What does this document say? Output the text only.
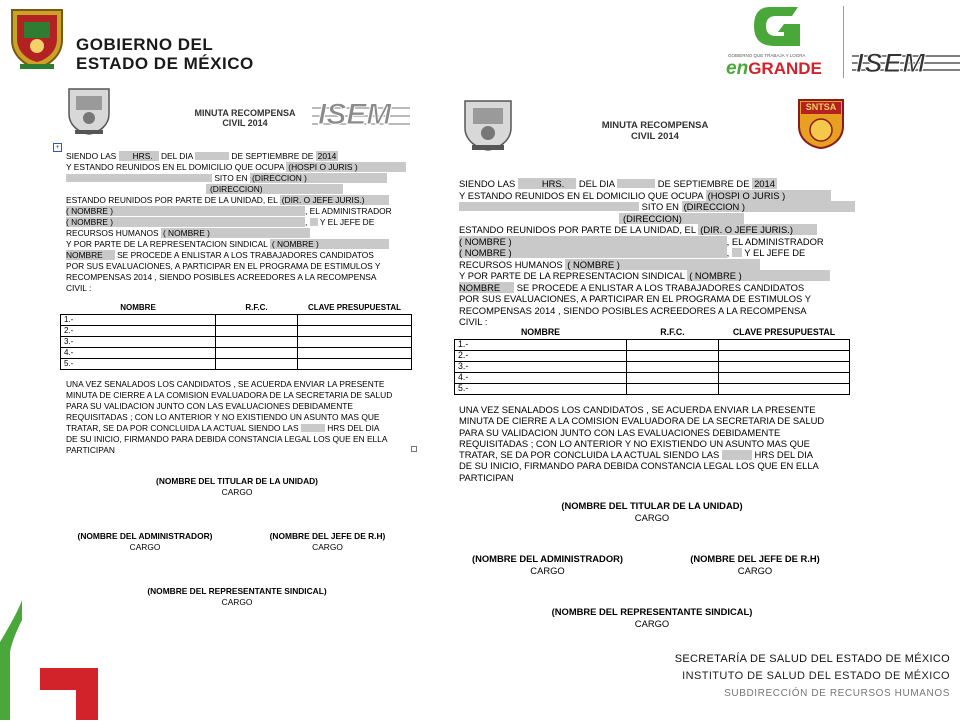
GOBIERNO DEL
ESTADO DE MÉXICO	GOBIERNO QUE TRABAJA Y LOGRA
enGRANDE ISEM
MINUTA RECOMPENSA
CIVIL 2014	ISEM
+
SIENDO LAS HRS. DEL DIA	DE SEPTIEMBRE DE 2014
Y ESTANDO REUNIDOS EN EL DOMICILIO QUE OCUPA (HOSPI O JURIS )
SITO EN (DIRECCION )
(DIRECCION)
ESTANDO REUNIDOS POR PARTE DE LA UNIDAD, EL (DIR. O JEFE JURIS.)
( NOMBRE )	, EL ADMINISTRADOR
( NOMBRE )	, Y EL JEFE DE
RECURSOS HUMANOS ( NOMBRE )
Y POR PARTE DE LA REPRESENTACION SINDICAL ( NOMBRE )
NOMBRE SE PROCEDE A ENLISTAR A LOS TRABAJADORES CANDIDATOS
POR SUS EVALUACIONES, A PARTICIPAR EN EL PROGRAMA DE ESTIMULOS Y
RECOMPENSAS 2014 , SIENDO POSIBLES ACREEDORES A LA RECOMPENSA
CIVIL :
NOMBRE	R.F.C.	CLAVE PRESUPUESTAL
1.-		
2.-		
3.-		
4.-		
5.-		
UNA VEZ SENALADOS LOS CANDIDATOS , SE ACUERDA ENVIAR LA PRESENTE
MINUTA DE CIERRE A LA COMISION EVALUADORA DE LA SECRETARIA DE SALUD
PARA SU VALIDACION JUNTO CON LAS EVALUACIONES DEBIDAMENTE
REQUISITADAS ; CON LO ANTERIOR Y NO EXISTIENDO UN ASUNTO MAS QUE
TRATAR, SE DA POR CONCLUIDA LA ACTUAL SIENDO LAS	HRS DEL DIA
DE SU INICIO, FIRMANDO PARA DEBIDA CONSTANCIA LEGAL LOS QUE EN ELLA
PARTICIPAN
(NOMBRE DEL TITULAR DE LA UNIDAD)
CARGO
(NOMBRE DEL ADMINISTRADOR)
CARGO
(NOMBRE DEL JEFE DE R.H)
CARGO
(NOMBRE DEL REPRESENTANTE SINDICAL)
CARGO
MINUTA RECOMPENSA
CIVIL 2014
SNTSA
SIENDO LAS	HRS. DEL DIA	DE SEPTIEMBRE DE 2014
Y ESTANDO REUNIDOS EN EL DOMICILIO QUE OCUPA (HOSPI O JURIS )
SITO EN (DIRECCION )
(DIRECCION)
ESTANDO REUNIDOS POR PARTE DE LA UNIDAD, EL (DIR. O JEFE JURIS.)
( NOMBRE )	, EL ADMINISTRADOR
( NOMBRE )	, Y EL JEFE DE
RECURSOS HUMANOS ( NOMBRE )
Y POR PARTE DE LA REPRESENTACION SINDICAL ( NOMBRE )
NOMBRE SE PROCEDE A ENLISTAR A LOS TRABAJADORES CANDIDATOS
POR SUS EVALUACIONES, A PARTICIPAR EN EL PROGRAMA DE ESTIMULOS Y
RECOMPENSAS 2014 , SIENDO POSIBLES ACREEDORES A LA RECOMPENSA
CIVIL :
NOMBRE	R.F.C.	CLAVE PRESUPUESTAL
1.-		
2.-		
3.-		
4.-		
5.-		
UNA VEZ SENALADOS LOS CANDIDATOS , SE ACUERDA ENVIAR LA PRESENTE
MINUTA DE CIERRE A LA COMISION EVALUADORA DE LA SECRETARIA DE SALUD
PARA SU VALIDACION JUNTO CON LAS EVALUACIONES DEBIDAMENTE
REQUISITADAS ; CON LO ANTERIOR Y NO EXISTIENDO UN ASUNTO MAS QUE
TRATAR, SE DA POR CONCLUIDA LA ACTUAL SIENDO LAS	HRS DEL DIA
DE SU INICIO, FIRMANDO PARA DEBIDA CONSTANCIA LEGAL LOS QUE EN ELLA
PARTICIPAN
(NOMBRE DEL TITULAR DE LA UNIDAD)
CARGO
(NOMBRE DEL ADMINISTRADOR)
CARGO
(NOMBRE DEL JEFE DE R.H)
CARGO
(NOMBRE DEL REPRESENTANTE SINDICAL)
CARGO
SECRETARÍA DE SALUD DEL ESTADO DE MÉXICO
INSTITUTO DE SALUD DEL ESTADO DE MÉXICO
SUBDIRECCIÓN DE RECURSOS HUMANOS
